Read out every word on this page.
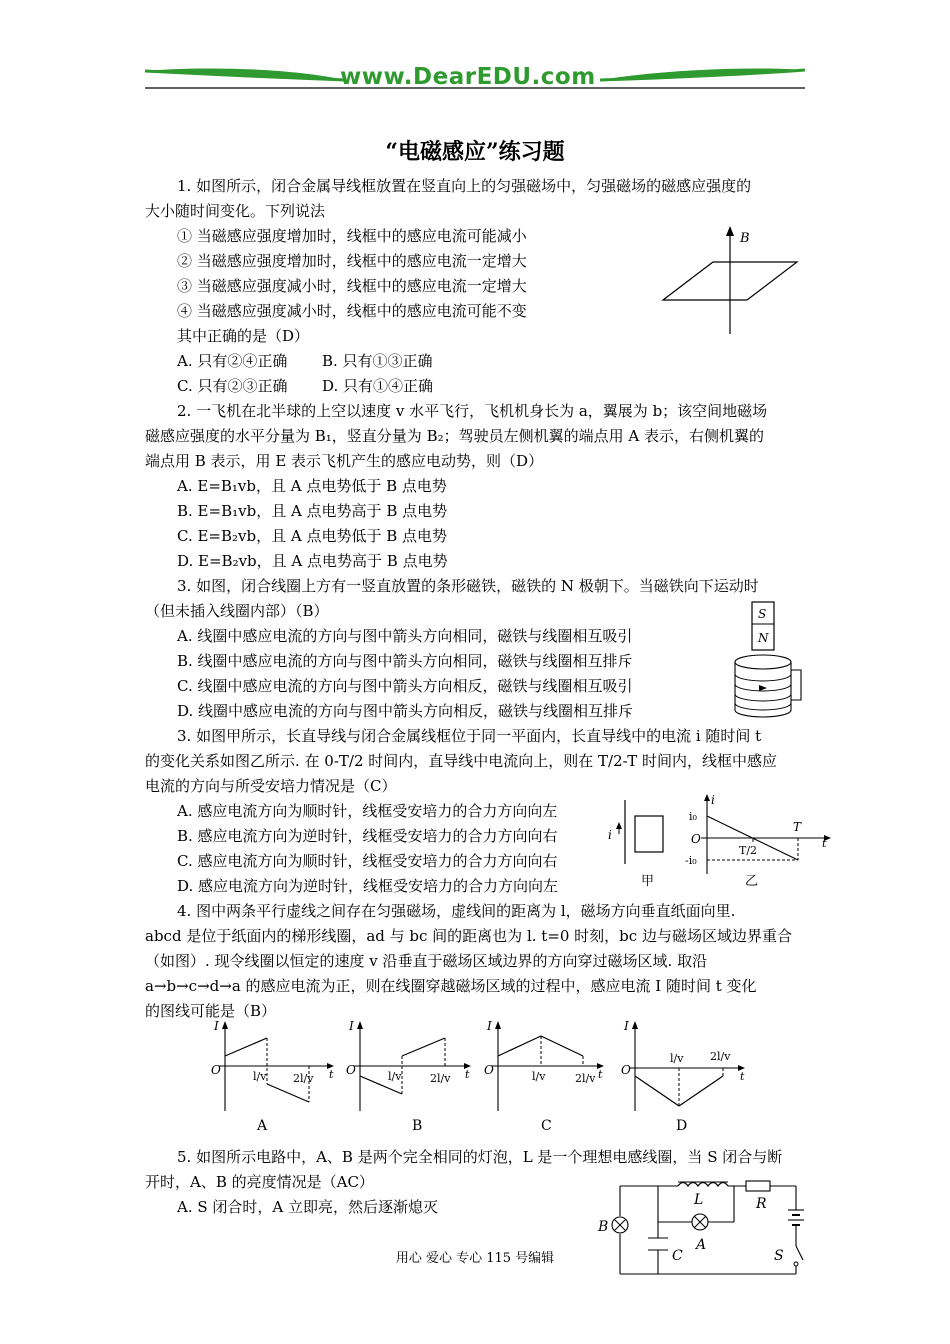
www.DearEDU.com
“电磁感应”练习题
1. 如图所示，闭合金属导线框放置在竖直向上的匀强磁场中，匀强磁场的磁感应强度的
大小随时间变化。下列说法
① 当磁感应强度增加时，线框中的感应电流可能减小
② 当磁感应强度增加时，线框中的感应电流一定增大
③ 当磁感应强度减小时，线框中的感应电流一定增大
④ 当磁感应强度减小时，线框中的感应电流可能不变
其中正确的是（D）
A. 只有②④正确 B. 只有①③正确
C. 只有②③正确 D. 只有①④正确
B
2. 一飞机在北半球的上空以速度 v 水平飞行，飞机机身长为 a，翼展为 b；该空间地磁场
磁感应强度的水平分量为 B₁，竖直分量为 B₂；驾驶员左侧机翼的端点用 A 表示，右侧机翼的
端点用 B 表示，用 E 表示飞机产生的感应电动势，则（D）
A. E=B₁vb，且 A 点电势低于 B 点电势
B. E=B₁vb，且 A 点电势高于 B 点电势
C. E=B₂vb，且 A 点电势低于 B 点电势
D. E=B₂vb，且 A 点电势高于 B 点电势
3. 如图，闭合线圈上方有一竖直放置的条形磁铁，磁铁的 N 极朝下。当磁铁向下运动时
（但未插入线圈内部）（B）
A. 线圈中感应电流的方向与图中箭头方向相同，磁铁与线圈相互吸引
B. 线圈中感应电流的方向与图中箭头方向相同，磁铁与线圈相互排斥
C. 线圈中感应电流的方向与图中箭头方向相反，磁铁与线圈相互吸引
D. 线圈中感应电流的方向与图中箭头方向相反，磁铁与线圈相互排斥
S
N
3. 如图甲所示，长直导线与闭合金属线框位于同一平面内，长直导线中的电流 i 随时间 t
的变化关系如图乙所示. 在 0-T/2 时间内，直导线中电流向上，则在 T/2-T 时间内，线框中感应
电流的方向与所受安培力情况是（C）
A. 感应电流方向为顺时针，线框受安培力的合力方向向左
B. 感应电流方向为逆时针，线框受安培力的合力方向向右
C. 感应电流方向为顺时针，线框受安培力的合力方向向右
D. 感应电流方向为逆时针，线框受安培力的合力方向向左
i
甲
i
i₀
O
T
T/2
-i₀
t
乙
4. 图中两条平行虚线之间存在匀强磁场，虚线间的距离为 l，磁场方向垂直纸面向里.
abcd 是位于纸面内的梯形线圈，ad 与 bc 间的距离也为 l. t=0 时刻，bc 边与磁场区域边界重合
（如图）. 现令线圈以恒定的速度 v 沿垂直于磁场区域边界的方向穿过磁场区域. 取沿
a→b→c→d→a 的感应电流为正，则在线圈穿越磁场区域的过程中，感应电流 I 随时间 t 变化
的图线可能是（B）
I
O	l/v 2l/v t
A
I
O	l/v	2l/v t
B
I
O	l/v	2l/v t
C
I
O
l/v 2l/v
t
D
5. 如图所示电路中，A、B 是两个完全相同的灯泡，L 是一个理想电感线圈，当 S 闭合与断
开时，A、B 的亮度情况是（AC）
A. S 闭合时，A 立即亮，然后逐渐熄灭
B
L	R
S
C
A
用心 爱心 专心 115 号编辑
